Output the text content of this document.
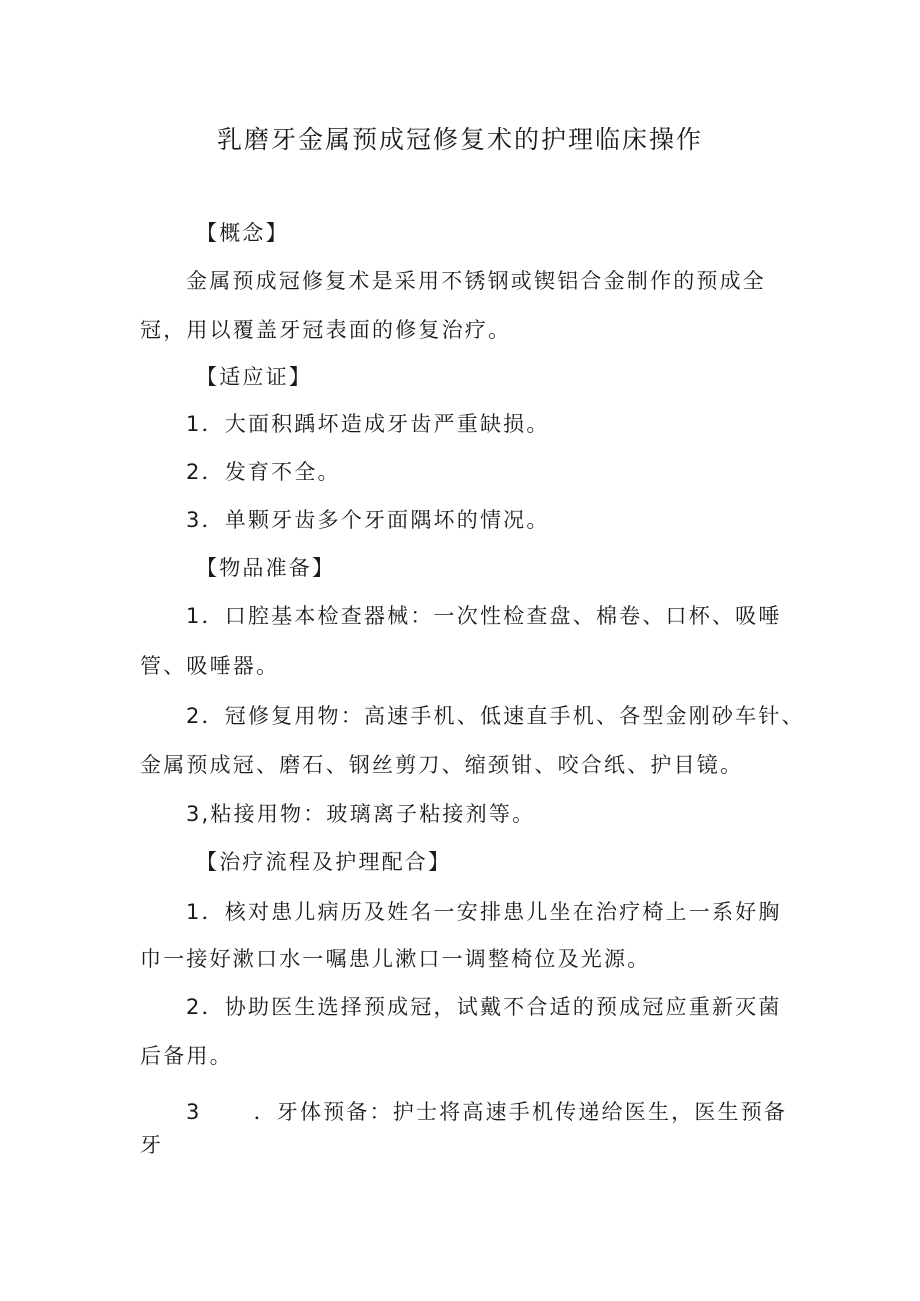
乳磨牙金属预成冠修复术的护理临床操作
【概念】
金属预成冠修复术是采用不锈钢或锲铝合金制作的预成全
冠，用以覆盖牙冠表面的修复治疗。
【适应证】
1．大面积踽坏造成牙齿严重缺损。
2．发育不全。
3．单颗牙齿多个牙面隅坏的情况。
【物品准备】
1．口腔基本检查器械：一次性检查盘、棉卷、口杯、吸唾
管、吸唾器。
2．冠修复用物：高速手机、低速直手机、各型金刚砂车针、
金属预成冠、磨石、钢丝剪刀、缩颈钳、咬合纸、护目镜。
3,粘接用物：玻璃离子粘接剂等。
【治疗流程及护理配合】
1．核对患儿病历及姓名一安排患儿坐在治疗椅上一系好胸
巾一接好漱口水一嘱患儿漱口一调整椅位及光源。
2．协助医生选择预成冠，试戴不合适的预成冠应重新灭菌
后备用。
3 ．牙体预备：护士将高速手机传递给医生，医生预备
牙
